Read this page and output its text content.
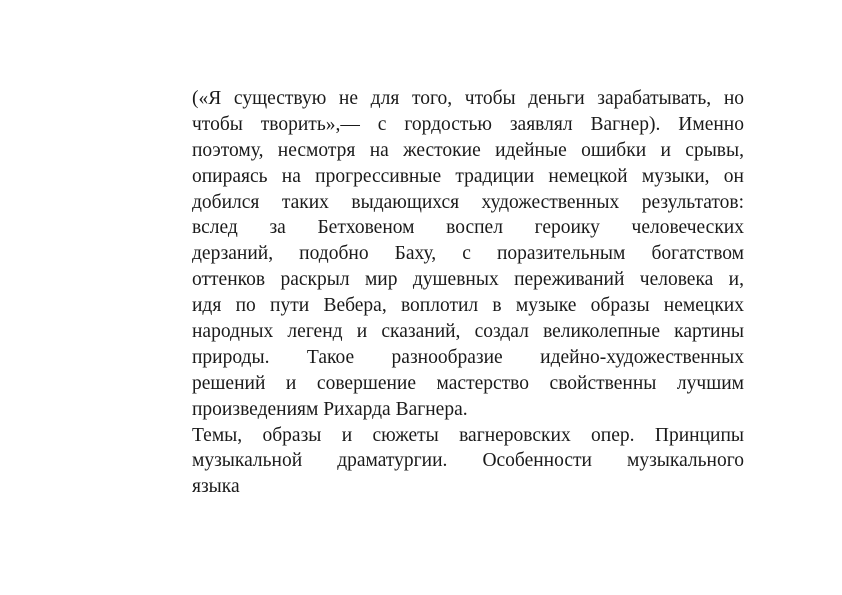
(«Я существую не для того, чтобы деньги зарабатывать, но
чтобы творить»,— с гордостью заявлял Вагнер). Именно
поэтому, несмотря на жестокие идейные ошибки и срывы,
опираясь на прогрессивные традиции немецкой музыки, он
добился таких выдающихся художественных результатов:
вслед за Бетховеном воспел героику человеческих
дерзаний, подобно Баху, с поразительным богатством
оттенков раскрыл мир душевных переживаний человека и,
идя по пути Вебера, воплотил в музыке образы немецких
народных легенд и сказаний, создал великолепные картины
природы. Такое разнообразие идейно-художественных
решений и совершение мастерство свойственны лучшим
произведениям Рихарда Вагнера.
Темы, образы и сюжеты вагнеровских опер. Принципы
музыкальной драматургии. Особенности музыкального
языка
